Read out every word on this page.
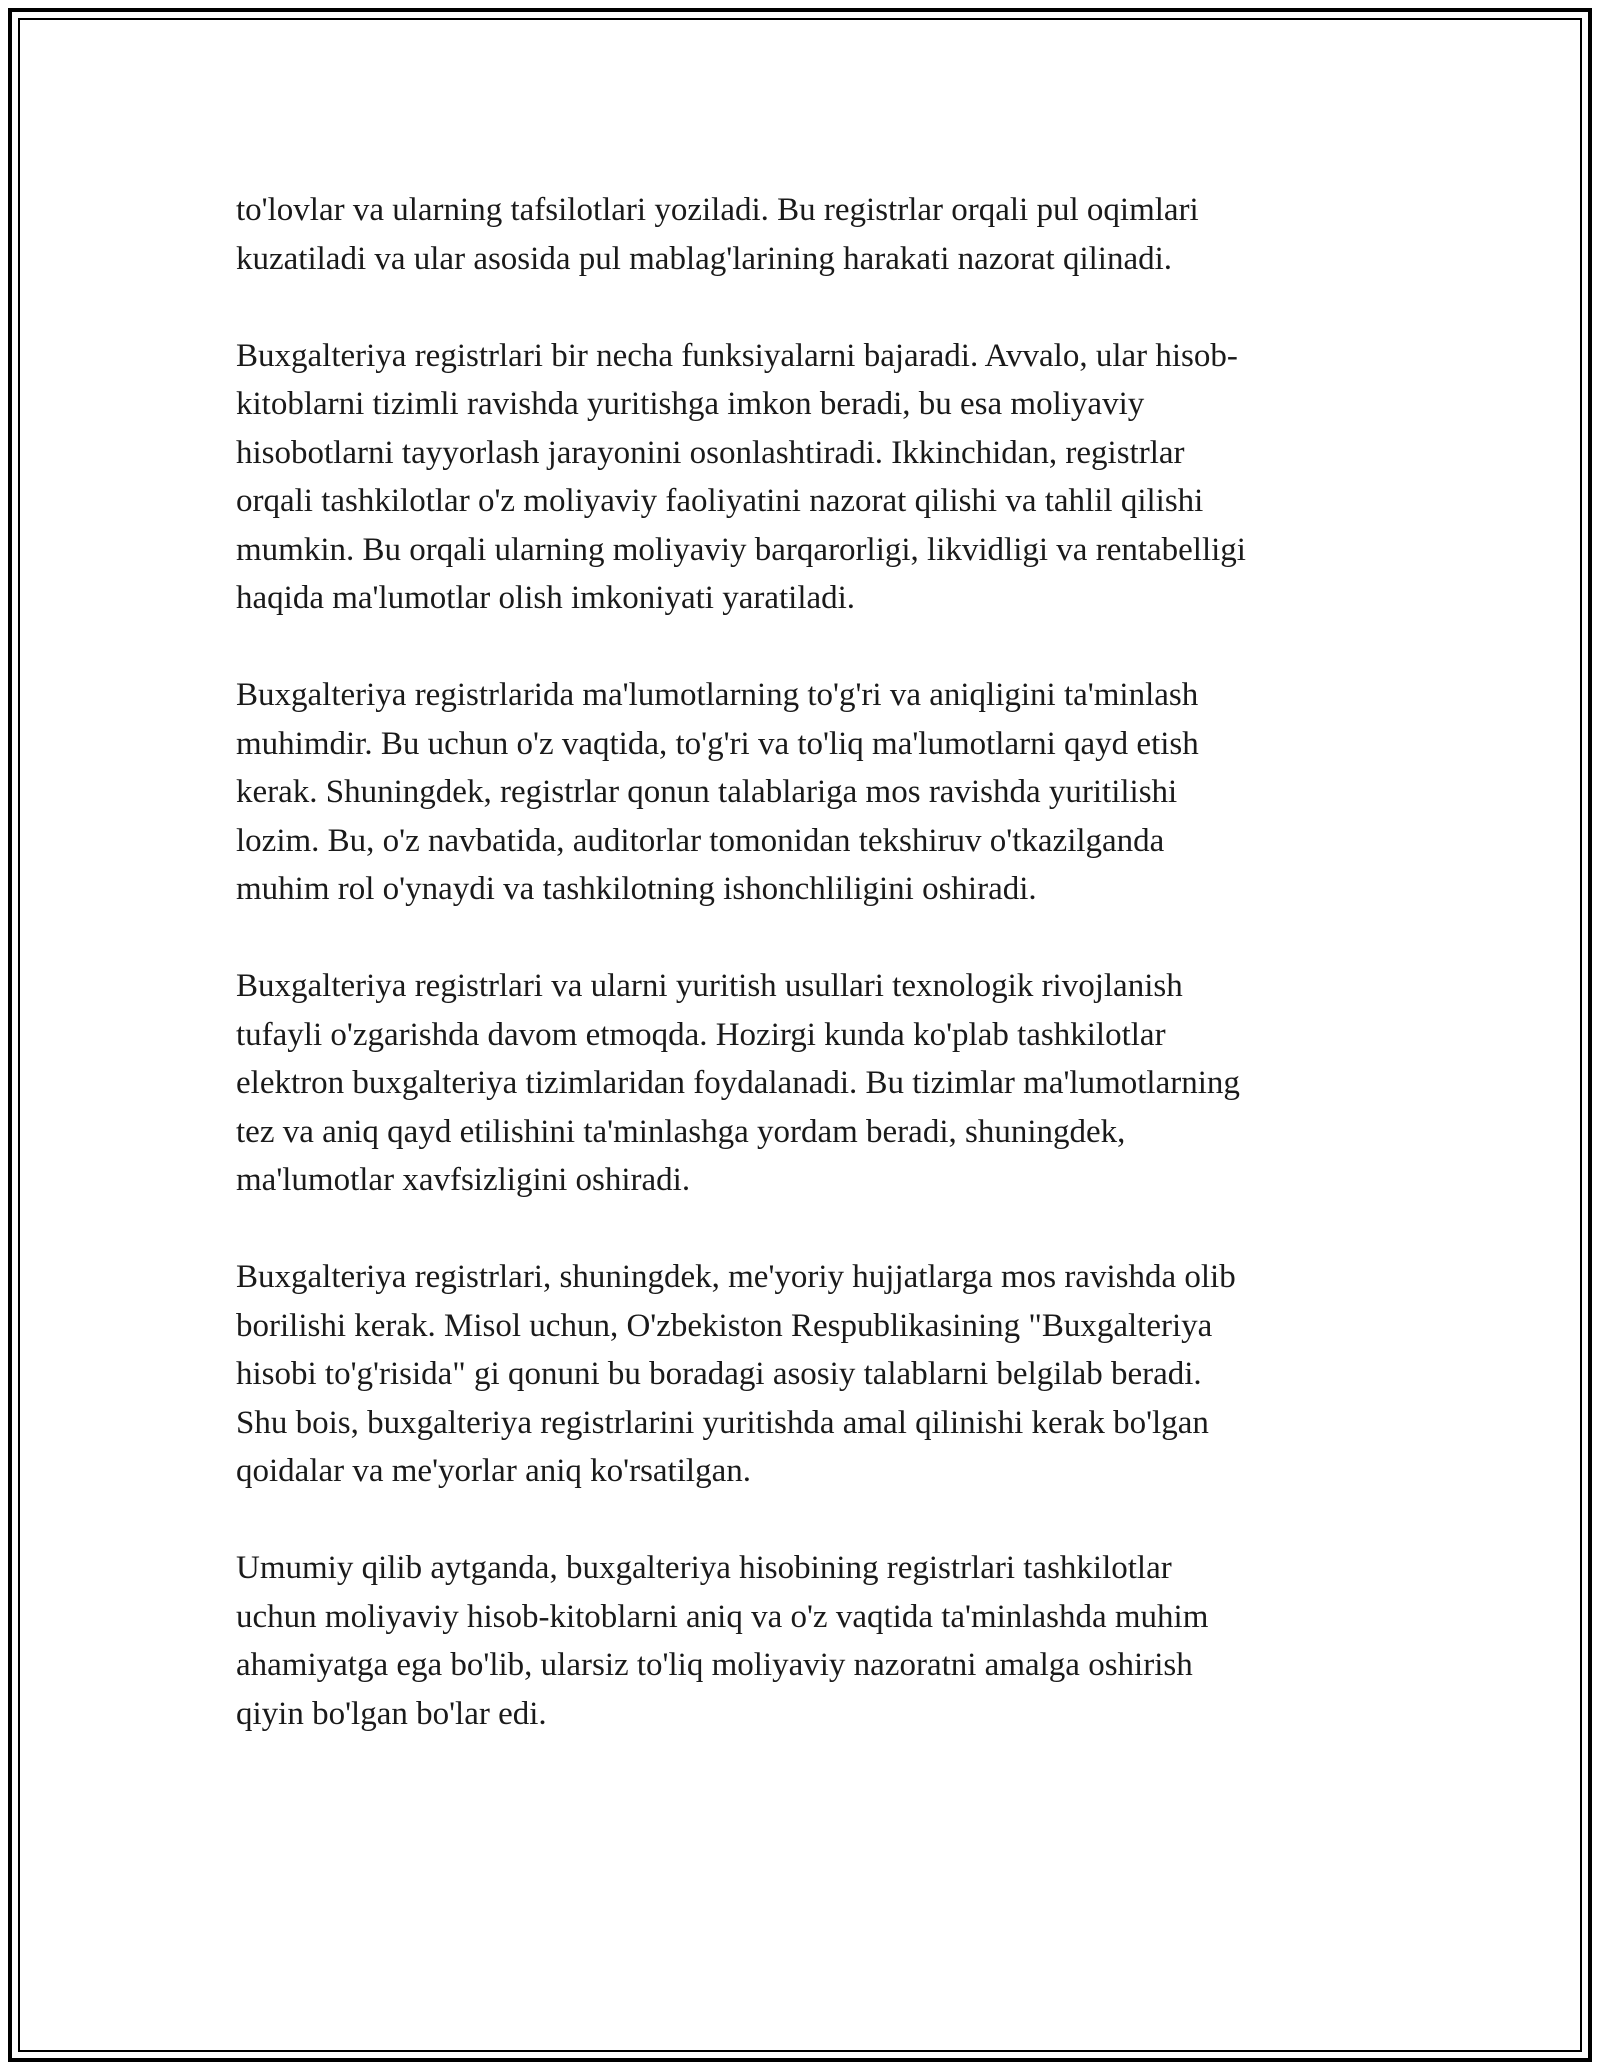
to'lovlar va ularning tafsilotlari yoziladi. Bu registrlar orqali pul oqimlari
kuzatiladi va ular asosida pul mablag'larining harakati nazorat qilinadi.

Buxgalteriya registrlari bir necha funksiyalarni bajaradi. Avvalo, ular hisob-
kitoblarni tizimli ravishda yuritishga imkon beradi, bu esa moliyaviy
hisobotlarni tayyorlash jarayonini osonlashtiradi. Ikkinchidan, registrlar
orqali tashkilotlar o'z moliyaviy faoliyatini nazorat qilishi va tahlil qilishi
mumkin. Bu orqali ularning moliyaviy barqarorligi, likvidligi va rentabelligi
haqida ma'lumotlar olish imkoniyati yaratiladi.

Buxgalteriya registrlarida ma'lumotlarning to'g'ri va aniqligini ta'minlash
muhimdir. Bu uchun o'z vaqtida, to'g'ri va to'liq ma'lumotlarni qayd etish
kerak. Shuningdek, registrlar qonun talablariga mos ravishda yuritilishi
lozim. Bu, o'z navbatida, auditorlar tomonidan tekshiruv o'tkazilganda
muhim rol o'ynaydi va tashkilotning ishonchliligini oshiradi.

Buxgalteriya registrlari va ularni yuritish usullari texnologik rivojlanish
tufayli o'zgarishda davom etmoqda. Hozirgi kunda ko'plab tashkilotlar
elektron buxgalteriya tizimlaridan foydalanadi. Bu tizimlar ma'lumotlarning
tez va aniq qayd etilishini ta'minlashga yordam beradi, shuningdek,
ma'lumotlar xavfsizligini oshiradi.

Buxgalteriya registrlari, shuningdek, me'yoriy hujjatlarga mos ravishda olib
borilishi kerak. Misol uchun, O'zbekiston Respublikasining "Buxgalteriya
hisobi to'g'risida" gi qonuni bu boradagi asosiy talablarni belgilab beradi.
Shu bois, buxgalteriya registrlarini yuritishda amal qilinishi kerak bo'lgan
qoidalar va me'yorlar aniq ko'rsatilgan.

Umumiy qilib aytganda, buxgalteriya hisobining registrlari tashkilotlar
uchun moliyaviy hisob-kitoblarni aniq va o'z vaqtida ta'minlashda muhim
ahamiyatga ega bo'lib, ularsiz to'liq moliyaviy nazoratni amalga oshirish
qiyin bo'lgan bo'lar edi.
